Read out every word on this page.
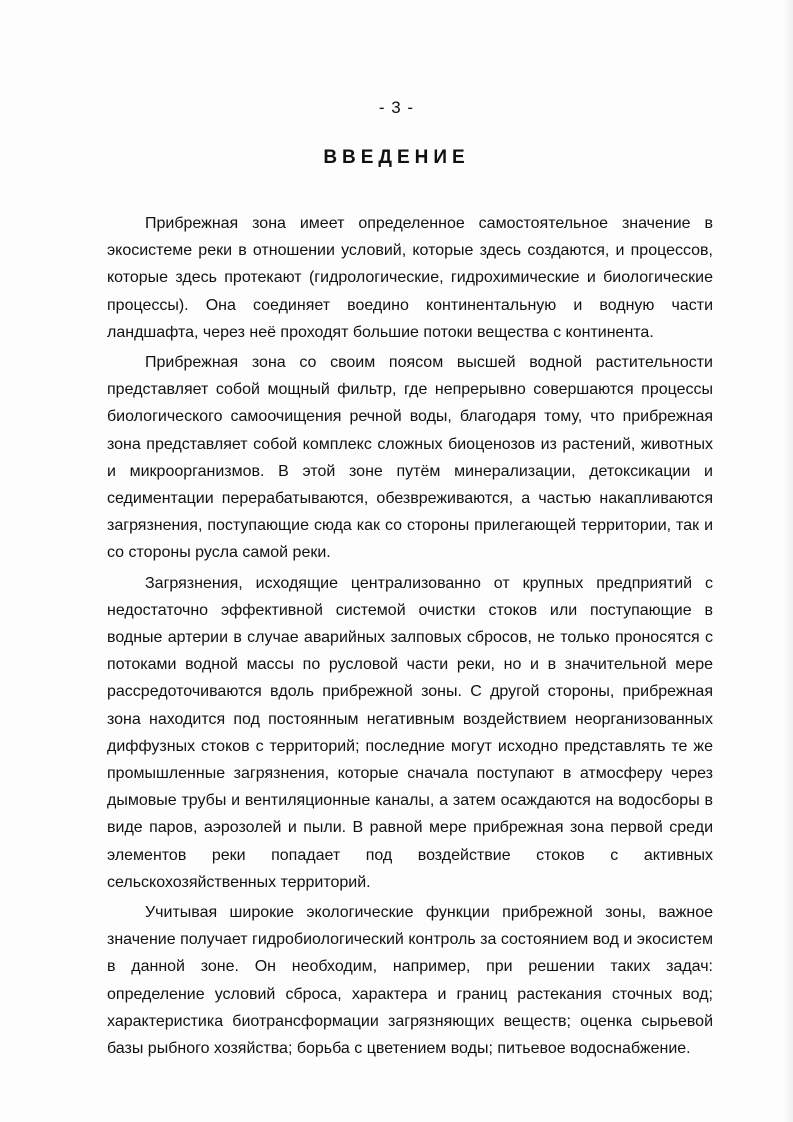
- 3 -
ВВЕДЕНИЕ

Прибрежная зона имеет определенное самостоятельное значение в экосистеме реки в отношении условий, которые здесь создаются, и процессов, которые здесь протекают (гидрологические, гидрохимические и биологические процессы). Она соединяет воедино континентальную и водную части ландшафта, через неё проходят большие потоки вещества с континента.

Прибрежная зона со своим поясом высшей водной растительности представляет собой мощный фильтр, где непрерывно совершаются процессы биологического самоочищения речной воды, благодаря тому, что прибрежная зона представляет собой комплекс сложных биоценозов из растений, животных и микроорганизмов. В этой зоне путём минерализации, детоксикации и седиментации перерабатываются, обезвреживаются, а частью накапливаются загрязнения, поступающие сюда как со стороны прилегающей территории, так и со стороны русла самой реки.

Загрязнения, исходящие централизованно от крупных предприятий с недостаточно эффективной системой очистки стоков или поступающие в водные артерии в случае аварийных залповых сбросов, не только проносятся с потоками водной массы по русловой части реки, но и в значительной мере рассредоточиваются вдоль прибрежной зоны. С другой стороны, прибрежная зона находится под постоянным негативным воздействием неорганизованных диффузных стоков с территорий; последние могут исходно представлять те же промышленные загрязнения, которые сначала поступают в атмосферу через дымовые трубы и вентиляционные каналы, а затем осаждаются на водосборы в виде паров, аэрозолей и пыли. В равной мере прибрежная зона первой среди элементов реки попадает под воздействие стоков с активных сельскохозяйственных территорий.

Учитывая широкие экологические функции прибрежной зоны, важное значение получает гидробиологический контроль за состоянием вод и экосистем в данной зоне. Он необходим, например, при решении таких задач: определение условий сброса, характера и границ растекания сточных вод; характеристика биотрансформации загрязняющих веществ; оценка сырьевой базы рыбного хозяйства; борьба с цветением воды; питьевое водоснабжение.
